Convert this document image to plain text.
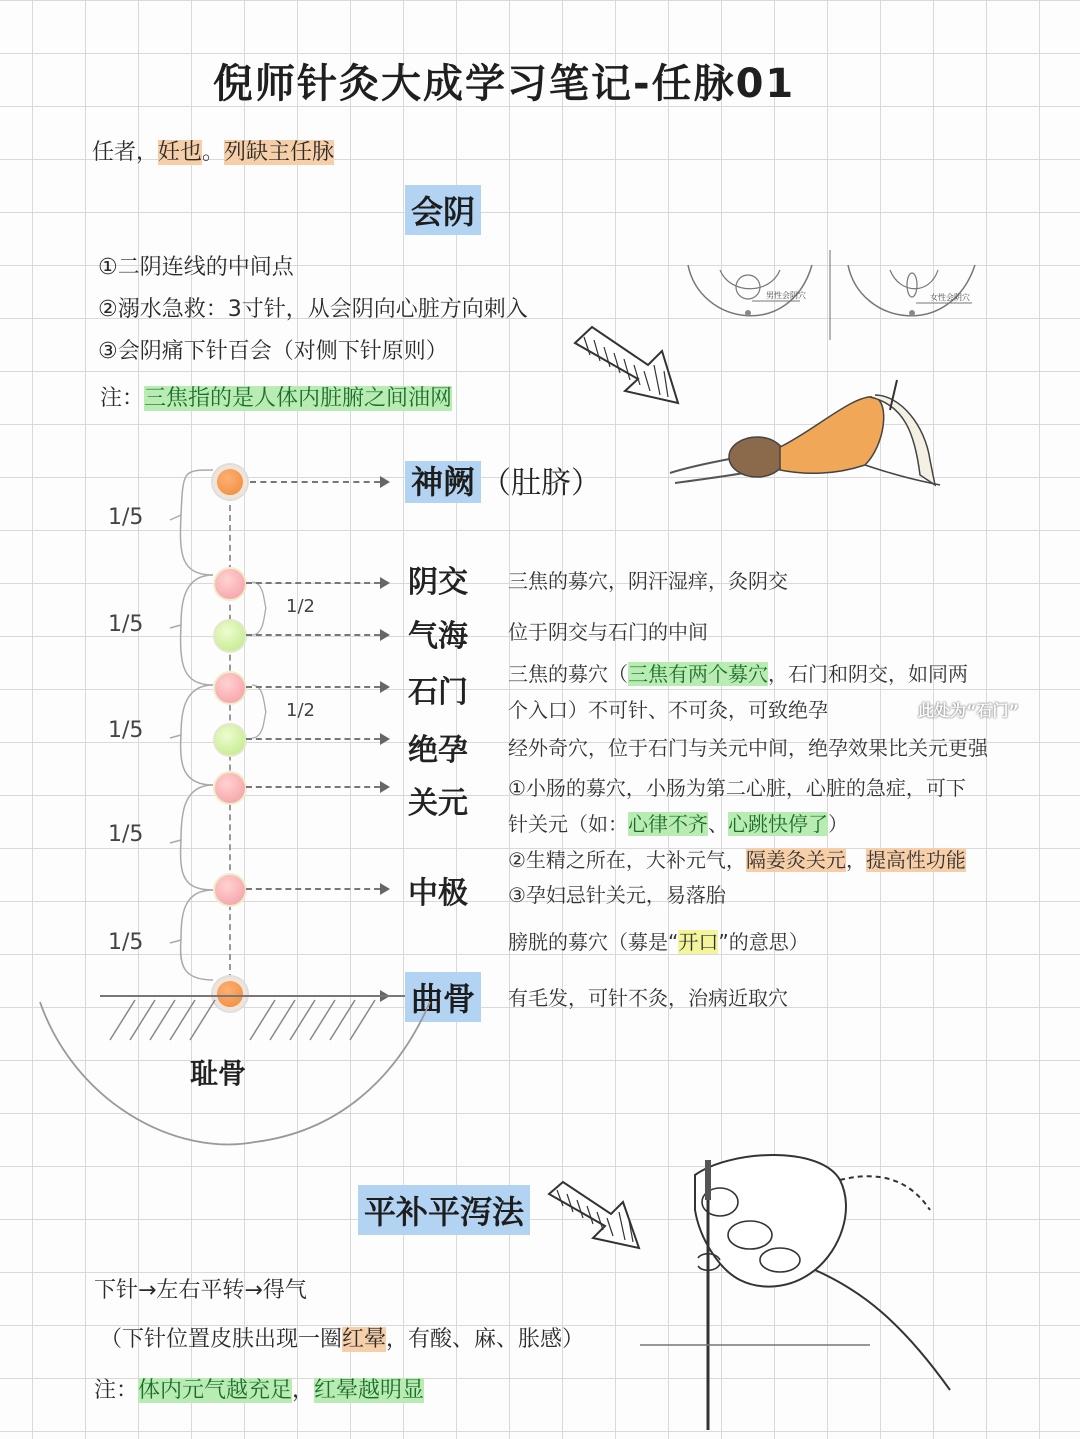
倪师针灸大成学习笔记-任脉01
任者，妊也。列缺主任脉
会阴
①二阴连线的中间点
②溺水急救：3寸针，从会阴向心脏方向刺入
③会阴痛下针百会（对侧下针原则）
注：三焦指的是人体内脏腑之间油网
男性会阴穴	女性会阴穴
1/5
1/5
1/5
1/5
1/5
1/2
1/2
神阙 （肚脐）
阴交
气海
石门
绝孕
关元
中极
曲骨
三焦的募穴，阴汗湿痒，灸阴交
位于阴交与石门的中间
三焦的募穴（三焦有两个募穴，石门和阴交，如同两
个入口）不可针、不可灸，可致绝孕	此处为“石门”
经外奇穴，位于石门与关元中间，绝孕效果比关元更强
①小肠的募穴，小肠为第二心脏，心脏的急症，可下
针关元（如：心律不齐、心跳快停了）
②生精之所在，大补元气，隔姜灸关元，提高性功能
③孕妇忌针关元，易落胎
膀胱的募穴（募是“开口”的意思）
有毛发，可针不灸，治病近取穴
耻骨
平补平泻法
下针→左右平转→得气
（下针位置皮肤出现一圈红晕，有酸、麻、胀感）
注：体内元气越充足，红晕越明显
